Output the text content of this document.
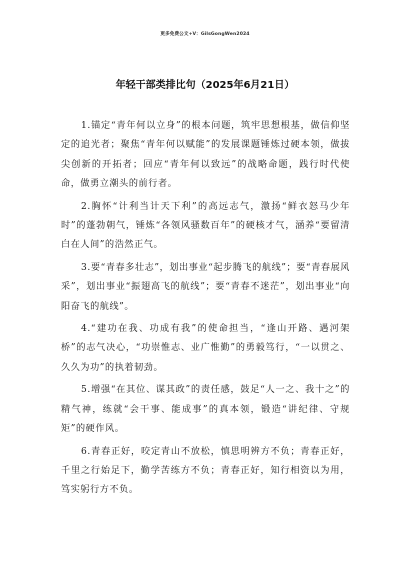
更多免费公文+V：GilsGongWen2024
年轻干部类排比句（2025年6月21日）

1.锚定“青年何以立身”的根本问题，筑牢思想根基，做信仰坚定的追光者；聚焦“青年何以赋能”的发展课题锤炼过硬本领，做拔尖创新的开拓者；回应“青年何以致远”的战略命题，践行时代使命，做勇立潮头的前行者。

2.胸怀“计利当计天下利”的高远志气，激扬“鲜衣怒马少年时”的蓬勃朝气，锤炼“各领风骚数百年”的硬核才气，涵养“要留清白在人间”的浩然正气。

3.要“青春多壮志”，划出事业“起步腾飞的航线”；要“青春展风采”，划出事业“振翅高飞的航线”；要“青春不迷茫”，划出事业“向阳奋飞的航线”。

4.“建功在我、功成有我”的使命担当，“逢山开路、遇河架桥”的志气决心，“功崇惟志、业广惟勤”的勇毅笃行，“一以贯之、久久为功”的执着韧劲。

5.增强“在其位、谋其政”的责任感，鼓足“人一之、我十之”的精气神，练就“会干事、能成事”的真本领，锻造“讲纪律、守规矩”的硬作风。

6.青春正好，咬定青山不放松，慎思明辨方不负；青春正好，千里之行始足下，勤学苦练方不负；青春正好，知行相资以为用，笃实躬行方不负。
